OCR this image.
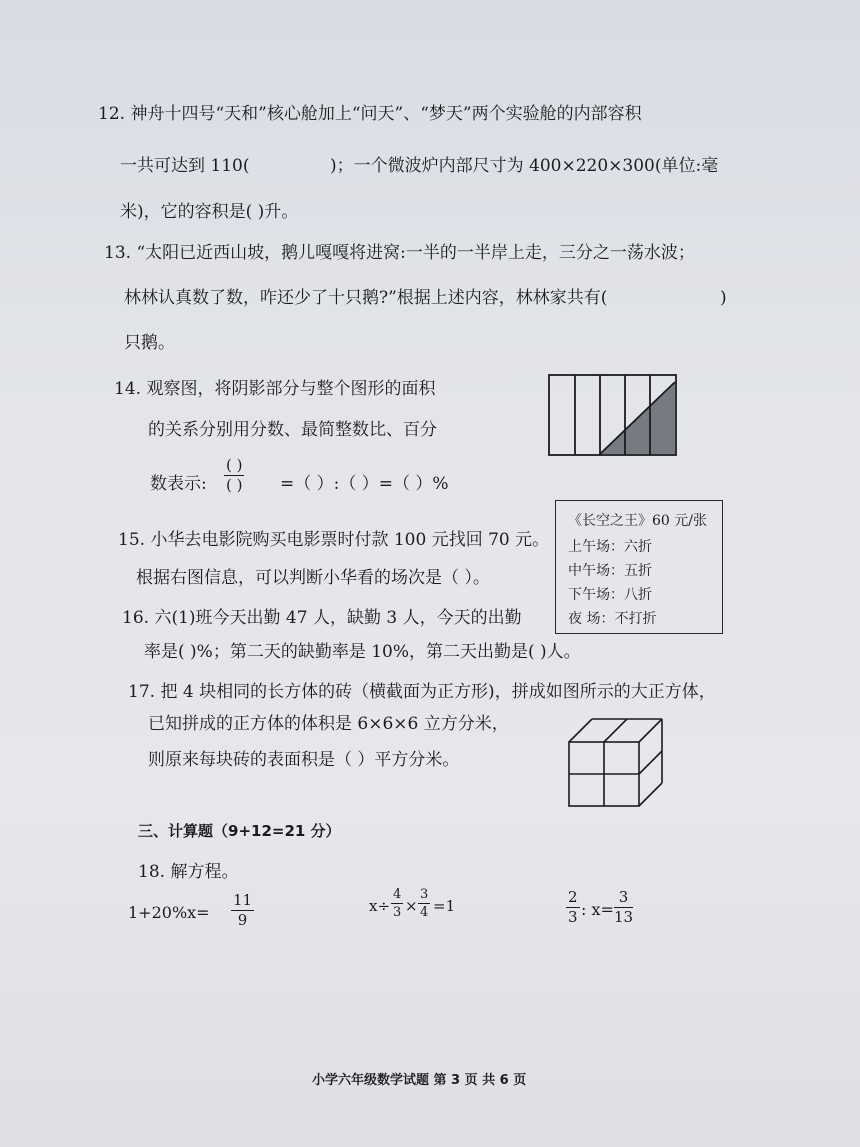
12. 神舟十四号“天和”核心舱加上“问天”、“梦天”两个实验舱的内部容积
一共可达到 110(	)；一个微波炉内部尺寸为 400×220×300(单位:毫
米)，它的容积是( )升。
13. “太阳已近西山坡，鹅儿嘎嘎将进窝:一半的一半岸上走，三分之一荡水波；
林林认真数了数，咋还少了十只鹅?”根据上述内容，林林家共有(	)
只鹅。
14. 观察图，将阴影部分与整个图形的面积
的关系分别用分数、最简整数比、百分
数表示:
( )
( ) =（ ）:（ ）=（ ）%
15. 小华去电影院购买电影票时付款 100 元找回 70 元。
根据右图信息，可以判断小华看的场次是（ ）。
《长空之王》60 元/张
上午场：六折
中午场：五折
下午场：八折
夜 场：不打折
16. 六(1)班今天出勤 47 人，缺勤 3 人，今天的出勤
率是( )%；第二天的缺勤率是 10%，第二天出勤是( )人。
17. 把 4 块相同的长方体的砖（横截面为正方形)，拼成如图所示的大正方体，
已知拼成的正方体的体积是 6×6×6 立方分米，
则原来每块砖的表面积是（ ）平方分米。
三、计算题（9+12=21 分）
18. 解方程。
$1+20\%x= \frac{11}{9}$	$x\div \frac{4}{3} \times \frac{3}{4} =1$	$\frac{2}{3}$ : $x= \frac{3}{13}$
小学六年级数学试题 第 3 页 共 6 页
